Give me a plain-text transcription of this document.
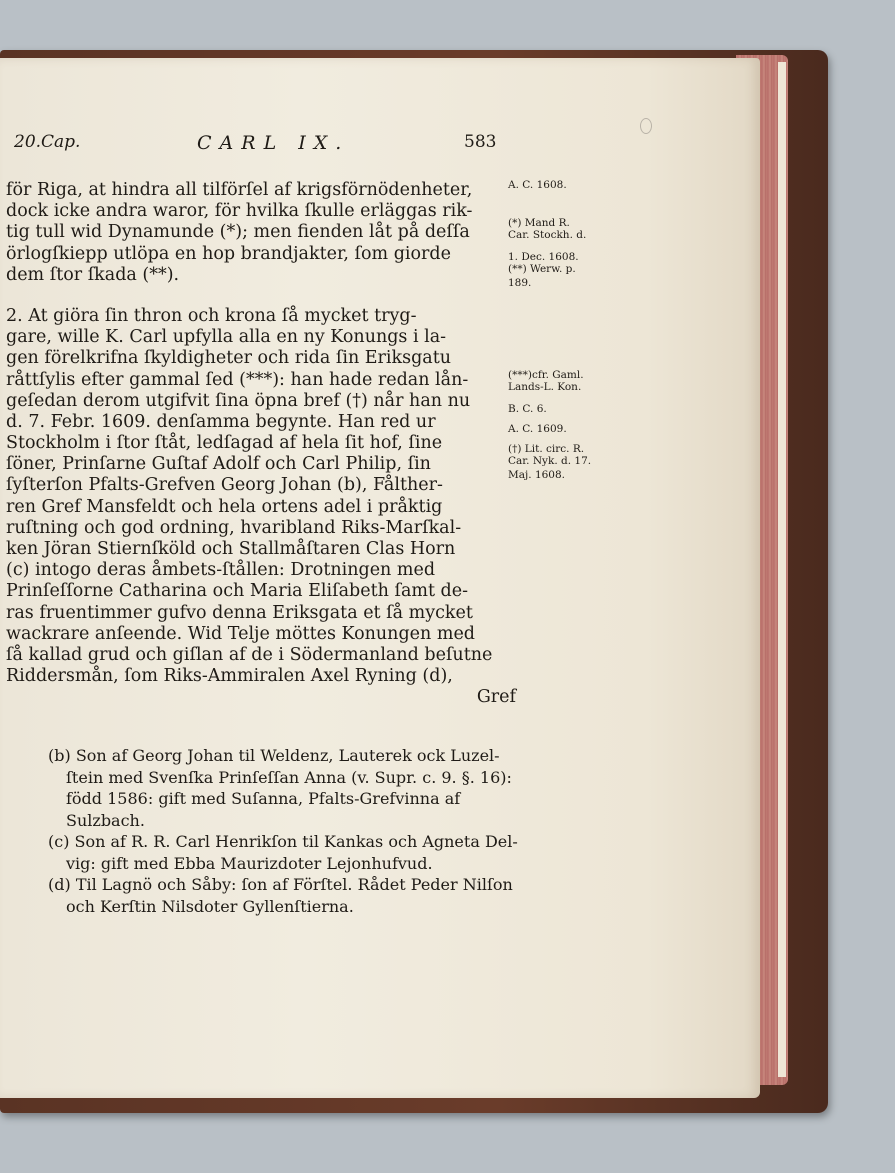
20.Cap.	CARL IX.	583
för Riga, at hindra all tilförſel af krigsförnödenheter,
dock icke andra waror, för hvilka ſkulle erläggas rik-
tig tull wid Dynamunde (*); men fienden låt på deſſa
örlogſkiepp utlöpa en hop brandjakter, ſom giorde
dem ſtor ſkada (**).
2. At giöra ſin thron och krona ſå mycket tryg-
gare, wille K. Carl upfylla alla en ny Konungs i la-
gen förelkrifna ſkyldigheter och rida ſin Eriksgatu
råttſylis efter gammal ſed (***): han hade redan lån-
geſedan derom utgifvit ſina öpna bref (†) når han nu
d. 7. Febr. 1609. denſamma begynte. Han red ur
Stockholm i ſtor ſtåt, ledſagad af hela ſit hof, ſine
ſöner, Prinſarne Guſtaf Adolf och Carl Philip, ſin
ſyſterſon Pfalts-Grefven Georg Johan (b), Fålther-
ren Gref Mansfeldt och hela ortens adel i pråktig
ruſtning och god ordning, hvaribland Riks-Marſkal-
ken Jöran Stiernſköld och Stallmåſtaren Clas Horn
(c) intogo deras åmbets-ſtållen: Drotningen med
Prinſeſſorne Catharina och Maria Eliſabeth ſamt de-
ras fruentimmer gufvo denna Eriksgata et ſå mycket
wackrare anſeende. Wid Telje möttes Konungen med
ſå kallad grud och giſlan af de i Södermanland beſutne
Riddersmån, ſom Riks-Ammiralen Axel Ryning (d),
Gref
A. C. 1608.
(*) Mand R.
Car. Stockh. d.
1. Dec. 1608.
(**) Werw. p.
189.
(***)cfr. Gaml.
Lands-L. Kon.
B. C. 6.
A. C. 1609.
(†) Lit. circ. R.
Car. Nyk. d. 17.
Maj. 1608.
(b) Son af Georg Johan til Weldenz, Lauterek ock Luzel-
ſtein med Svenſka Prinſeſſan Anna (v. Supr. c. 9. §. 16):
född 1586: gift med Suſanna, Pfalts-Grefvinna af
Sulzbach.
(c) Son af R. R. Carl Henrikſon til Kankas och Agneta Del-
vig: gift med Ebba Maurizdoter Lejonhufvud.
(d) Til Lagnö och Såby: ſon af Förſtel. Rådet Peder Nilſon
och Kerſtin Nilsdoter Gyllenſtierna.
